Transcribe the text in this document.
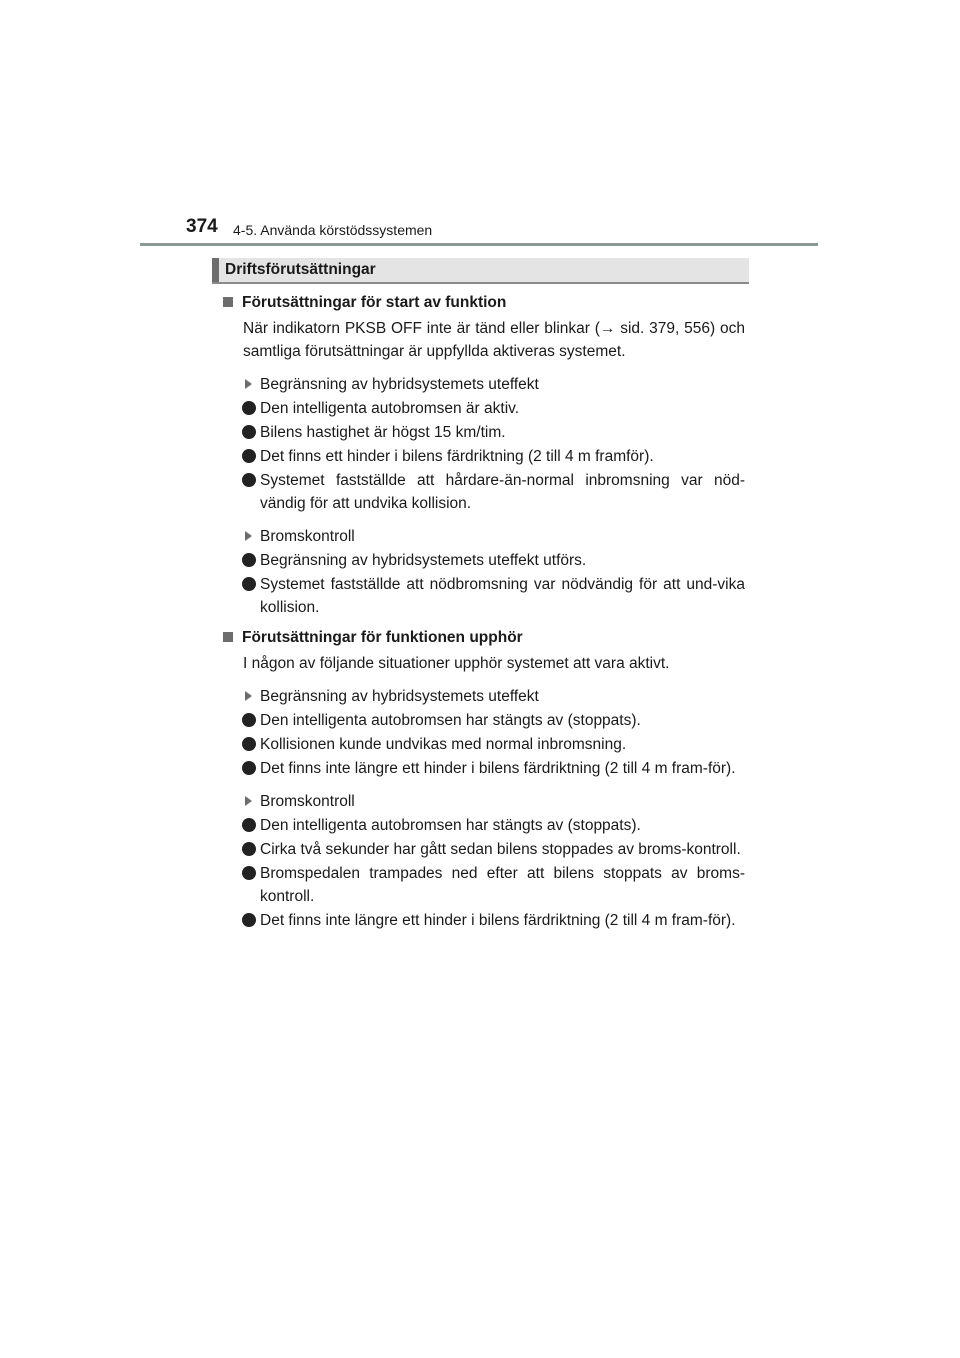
374 4-5. Använda körstödssystemen
Driftsförutsättningar
Förutsättningar för start av funktion
När indikatorn PKSB OFF inte är tänd eller blinkar (→ sid. 379, 556) och samtliga förutsättningar är uppfyllda aktiveras systemet.
Begränsning av hybridsystemets uteffekt
Den intelligenta autobromsen är aktiv.
Bilens hastighet är högst 15 km/tim.
Det finns ett hinder i bilens färdriktning (2 till 4 m framför).
Systemet fastställde att hårdare-än-normal inbromsning var nöd-vändig för att undvika kollision.
Bromskontroll
Begränsning av hybridsystemets uteffekt utförs.
Systemet fastställde att nödbromsning var nödvändig för att und-vika kollision.
Förutsättningar för funktionen upphör
I någon av följande situationer upphör systemet att vara aktivt.
Begränsning av hybridsystemets uteffekt
Den intelligenta autobromsen har stängts av (stoppats).
Kollisionen kunde undvikas med normal inbromsning.
Det finns inte längre ett hinder i bilens färdriktning (2 till 4 m fram-för).
Bromskontroll
Den intelligenta autobromsen har stängts av (stoppats).
Cirka två sekunder har gått sedan bilens stoppades av broms-kontroll.
Bromspedalen trampades ned efter att bilens stoppats av broms-kontroll.
Det finns inte längre ett hinder i bilens färdriktning (2 till 4 m fram-för).
